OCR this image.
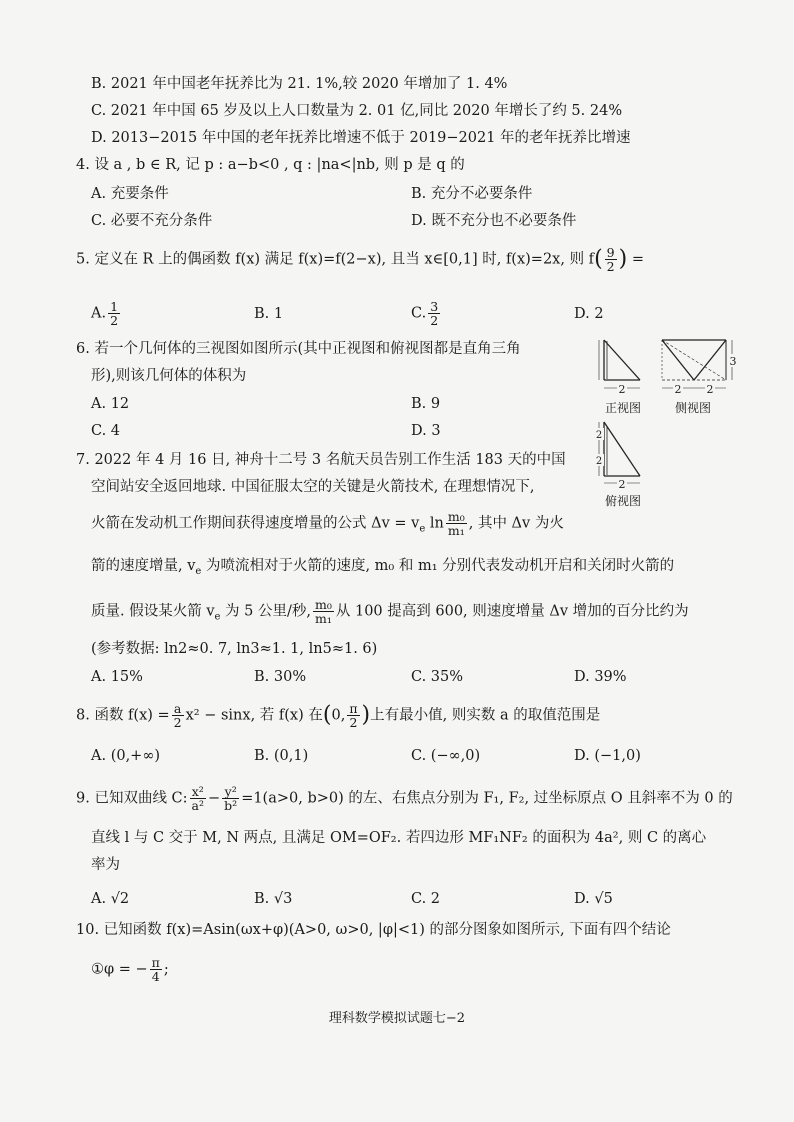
B. 2021 年中国老年抚养比为 21. 1%,较 2020 年增加了 1. 4%
C. 2021 年中国 65 岁及以上人口数量为 2. 01 亿,同比 2020 年增长了约 5. 24%
D. 2013−2015 年中国的老年抚养比增速不低于 2019−2021 年的老年抚养比增速
4. 设 a , b ∈ R, 记 p : a−b<0 , q : |na<|nb, 则 p 是 q 的
A. 充要条件	B. 充分不必要条件
C. 必要不充分条件	D. 既不充分也不必要条件
5. 定义在 R 上的偶函数 f(x) 满足 f(x)=f(2−x), 且当 x∈[0,1] 时, f(x)=2x, 则 $f( \frac{9}{2}$ ) =
A. $\frac{1}{2}$	B. 1	C. $\frac{3}{2}$	D. 2
6. 若一个几何体的三视图如图所示(其中正视图和俯视图都是直角三角
形),则该几何体的体积为
A. 12	B. 9
C. 4	D. 3
2
正视图
3
2 2
侧视图
2
2
2
俯视图
7. 2022 年 4 月 16 日, 神舟十二号 3 名航天员告别工作生活 183 天的中国
空间站安全返回地球. 中国征服太空的关键是火箭技术, 在理想情况下,
火箭在发动机工作期间获得速度增量的公式 $\Delta v = v_e$ $\ln \frac{\text{m₀}}{\text{m₁}}$ , 其中 Δv 为火
箭的速度增量, $v_e$ 为喷流相对于火箭的速度, m₀ 和 m₁ 分别代表发动机开启和关闭时火箭的
质量. 假设某火箭 $v_e$ 为 5 公里/秒, $\frac{\text{m₀}}{\text{m₁}}$ 从 100 提高到 600, 则速度增量 Δv 增加的百分比约为
(参考数据: ln2≈0. 7, ln3≈1. 1, ln5≈1. 6)
A. 15%	B. 30%	C. 35%	D. 39%
8. 函数 $f(x) = \frac{a}{2} x^2 - \sin x$, 若 f(x) 在(0, $\frac{\pi}{2}$ )上有最小值, 则实数 a 的取值范围是
A. (0,+∞)	B. (0,1)	C. (−∞,0)	D. (−1,0)
9. 已知双曲线 C: $\frac{\text{x²}}{\text{a²}} - \frac{\text{y²}}{\text{b²}} =1(a>0$, b>0) 的左、右焦点分别为 F₁, F₂, 过坐标原点 O 且斜率不为 0 的
直线 l 与 C 交于 M, N 两点, 且满足 OM=OF₂. 若四边形 MF₁NF₂ 的面积为 4a², 则 C 的离心
率为
A. √2	B. √3	C. 2	D. √5
10. 已知函数 f(x)=Asin(ωx+φ)(A>0, ω>0, |φ|<1) 的部分图象如图所示, 下面有四个结论
①φ = − $\frac{\pi}{4}$ ;
理科数学模拟试题七−2
